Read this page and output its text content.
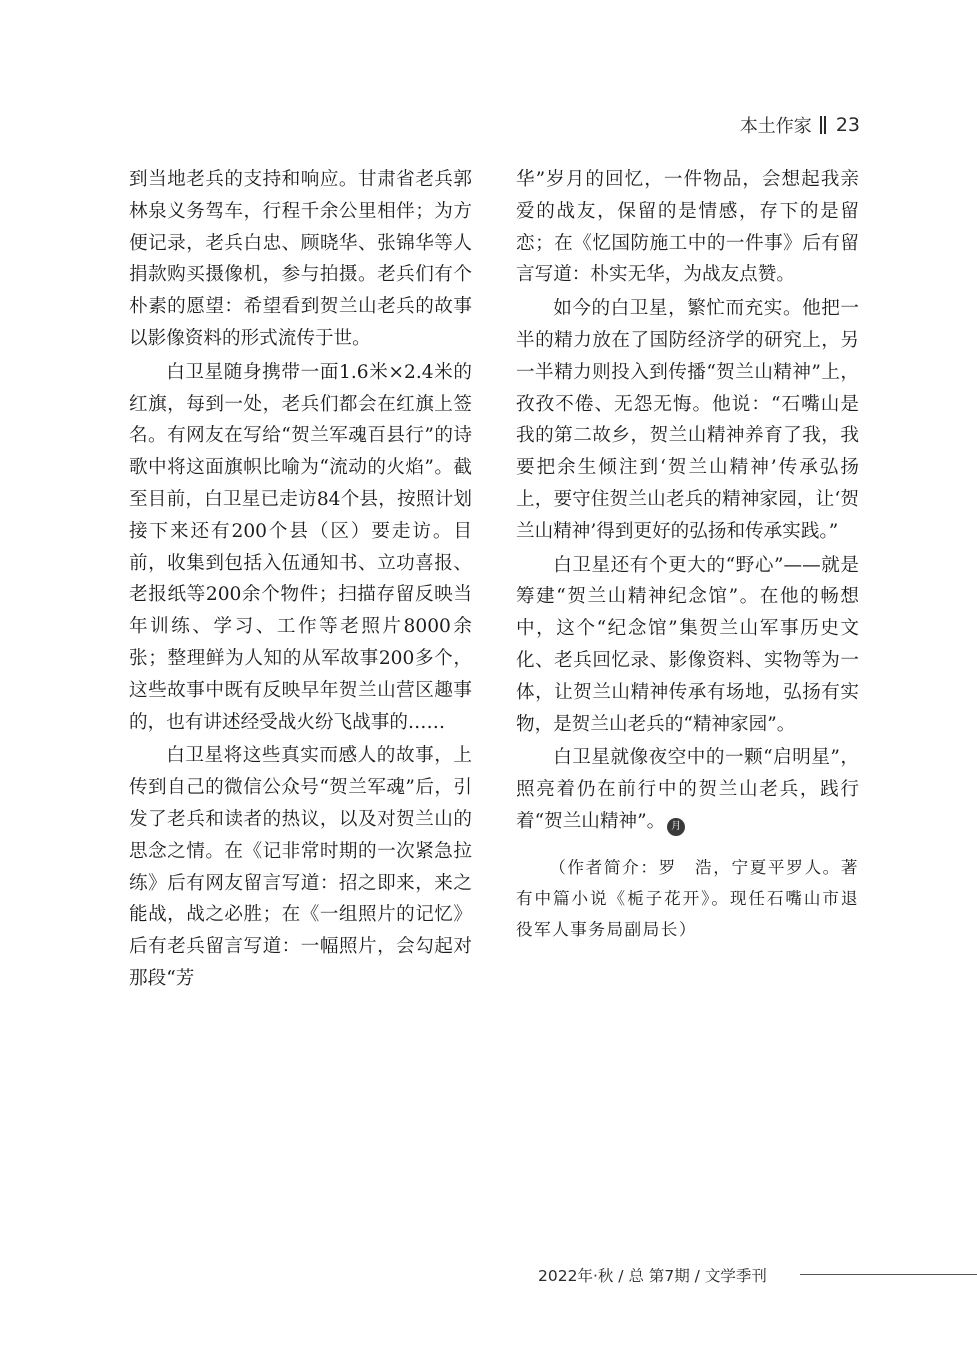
本土作家 23

到当地老兵的支持和响应。甘肃省老兵郭林泉义务驾车，行程千余公里相伴；为方便记录，老兵白忠、顾晓华、张锦华等人捐款购买摄像机，参与拍摄。老兵们有个朴素的愿望：希望看到贺兰山老兵的故事以影像资料的形式流传于世。

白卫星随身携带一面1.6米×2.4米的红旗，每到一处，老兵们都会在红旗上签名。有网友在写给“贺兰军魂百县行”的诗歌中将这面旗帜比喻为“流动的火焰”。截至目前，白卫星已走访84个县，按照计划接下来还有200个县（区）要走访。目前，收集到包括入伍通知书、立功喜报、老报纸等200余个物件；扫描存留反映当年训练、学习、工作等老照片8000余张；整理鲜为人知的从军故事200多个，这些故事中既有反映早年贺兰山营区趣事的，也有讲述经受战火纷飞战事的……

白卫星将这些真实而感人的故事，上传到自己的微信公众号“贺兰军魂”后，引发了老兵和读者的热议，以及对贺兰山的思念之情。在《记非常时期的一次紧急拉练》后有网友留言写道：招之即来，来之能战，战之必胜；在《一组照片的记忆》后有老兵留言写道：一幅照片，会勾起对那段“芳

华”岁月的回忆，一件物品，会想起我亲爱的战友，保留的是情感，存下的是留恋；在《忆国防施工中的一件事》后有留言写道：朴实无华，为战友点赞。

如今的白卫星，繁忙而充实。他把一半的精力放在了国防经济学的研究上，另一半精力则投入到传播“贺兰山精神”上，孜孜不倦、无怨无悔。他说：“石嘴山是我的第二故乡，贺兰山精神养育了我，我要把余生倾注到‘贺兰山精神’传承弘扬上，要守住贺兰山老兵的精神家园，让‘贺兰山精神’得到更好的弘扬和传承实践。”

白卫星还有个更大的“野心”——就是筹建“贺兰山精神纪念馆”。在他的畅想中，这个“纪念馆”集贺兰山军事历史文化、老兵回忆录、影像资料、实物等为一体，让贺兰山精神传承有场地，弘扬有实物，是贺兰山老兵的“精神家园”。

白卫星就像夜空中的一颗“启明星”，照亮着仍在前行中的贺兰山老兵，践行着“贺兰山精神”。 月

（作者简介：罗　浩，宁夏平罗人。著有中篇小说《栀子花开》。现任石嘴山市退役军人事务局副局长）
2022年·秋 / 总 第7期 / 文学季刊
